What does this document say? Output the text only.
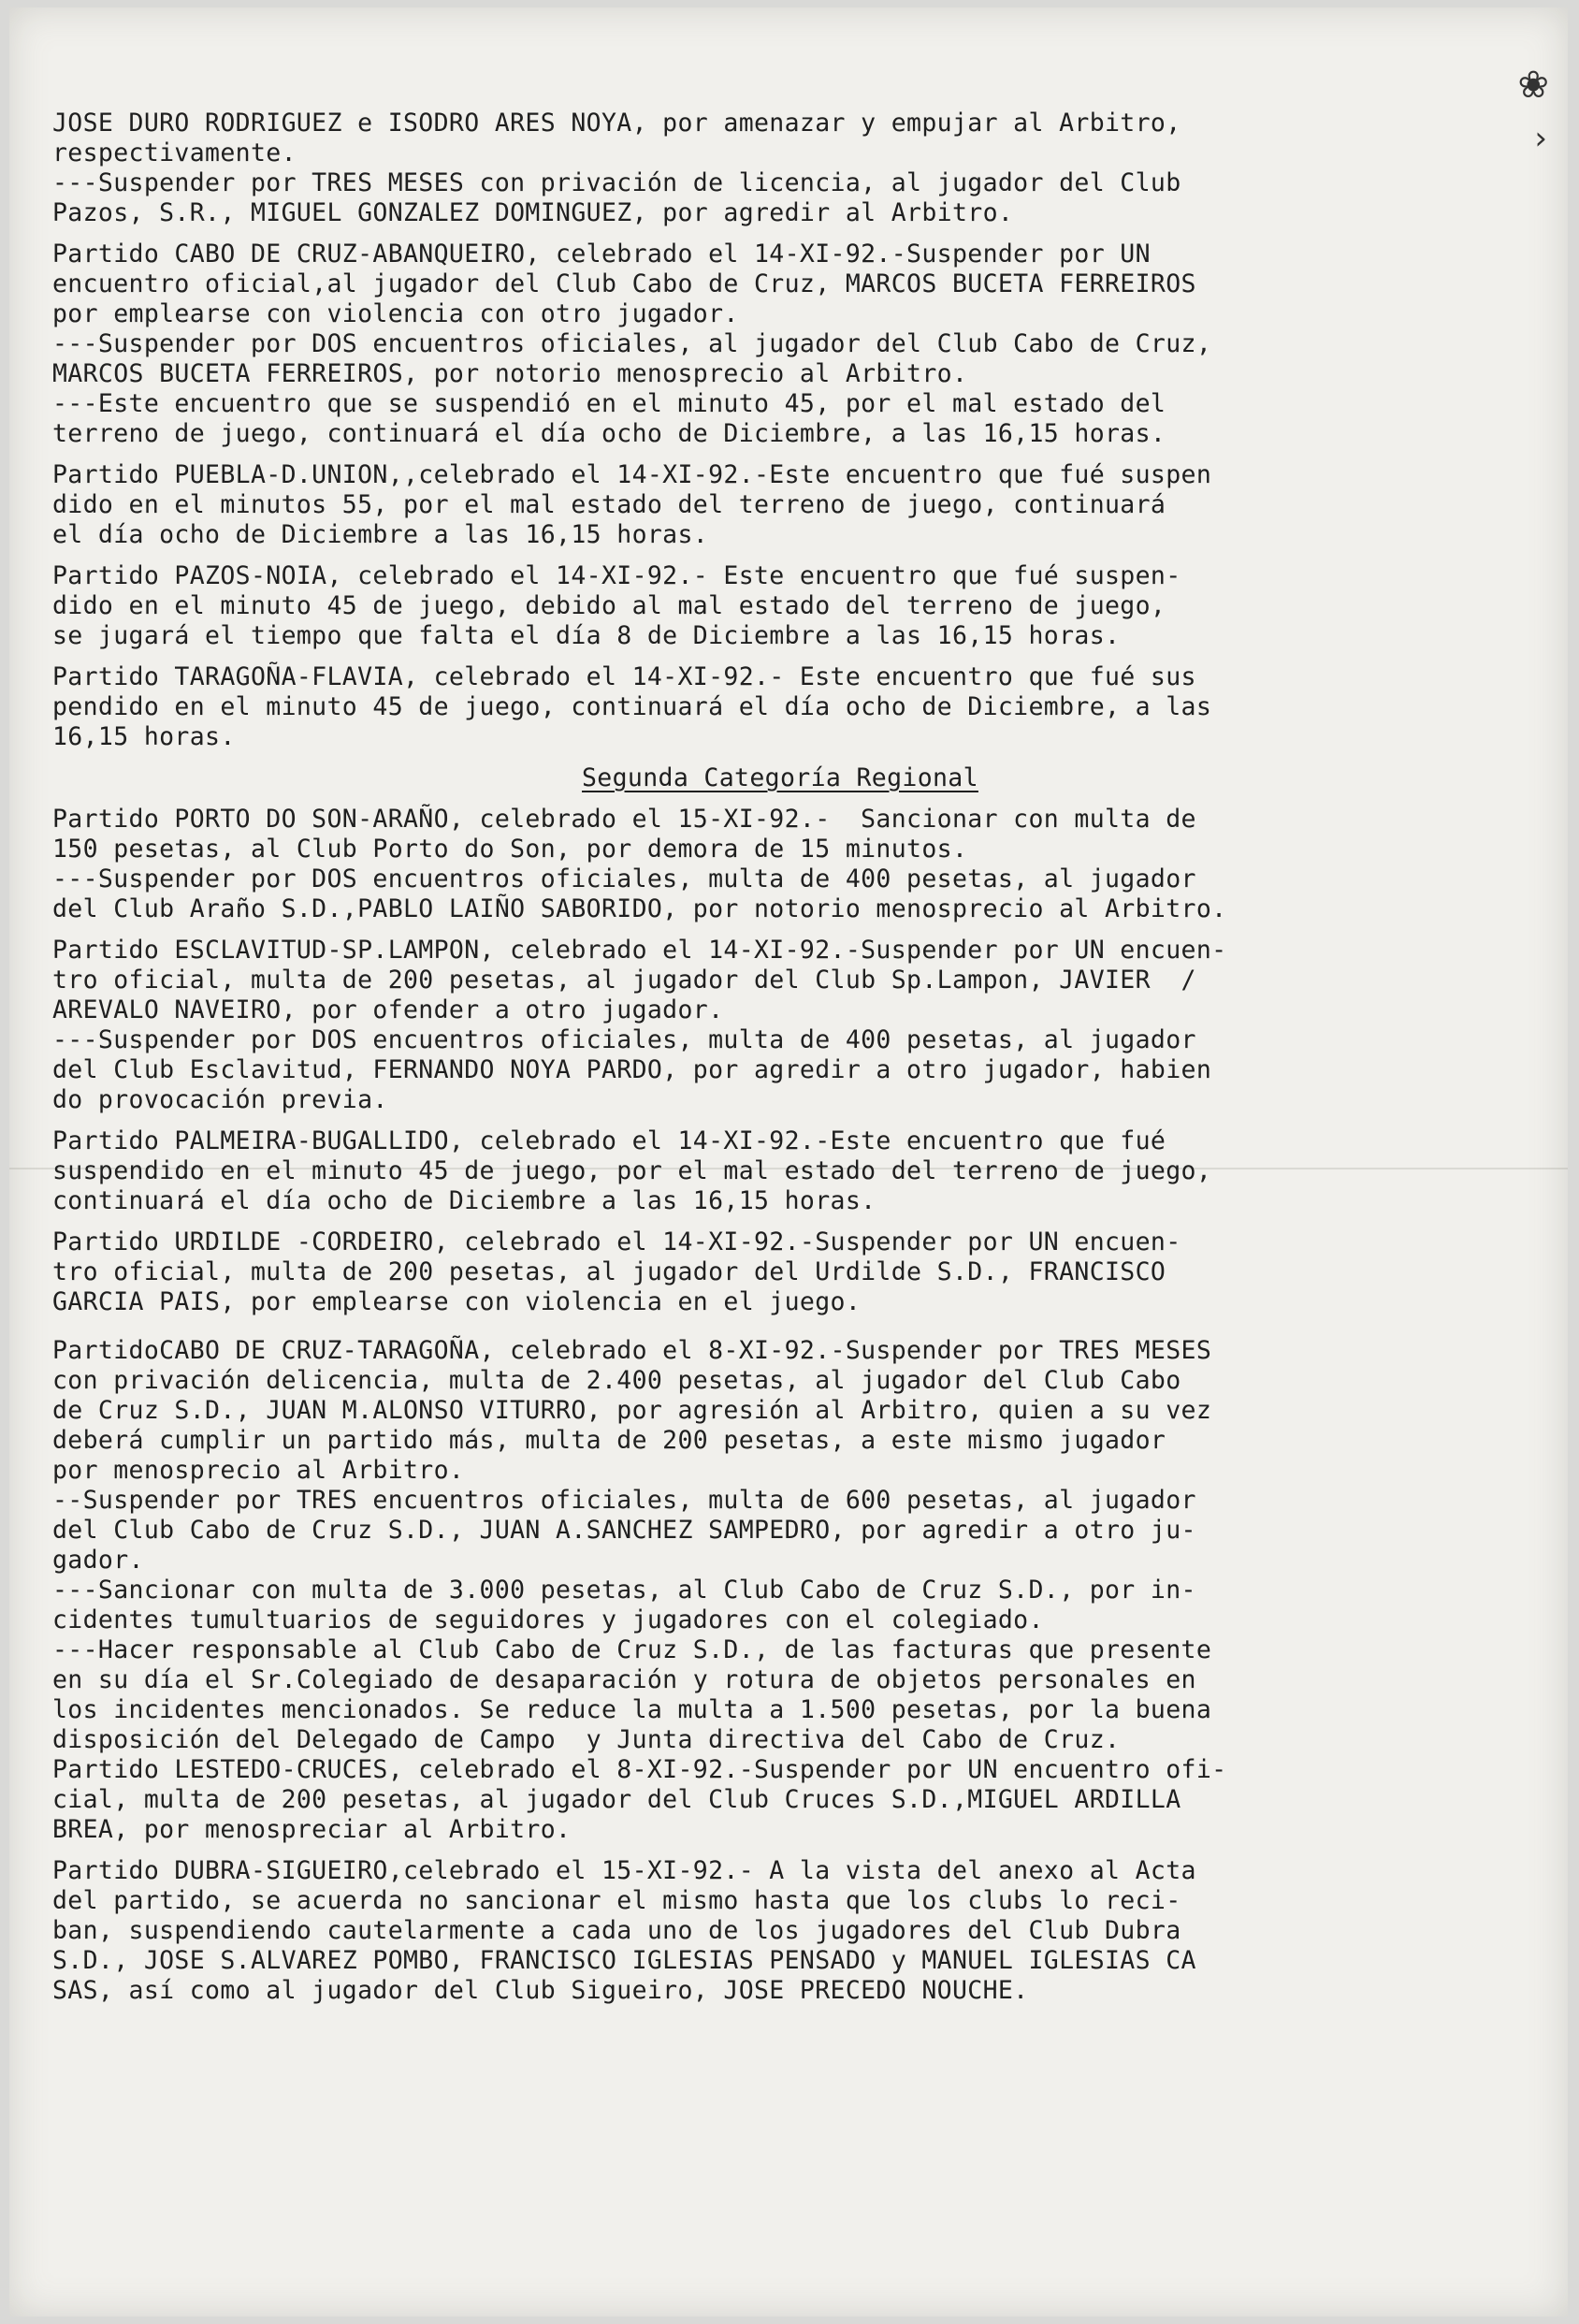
❀
›
JOSE DURO RODRIGUEZ e ISODRO ARES NOYA, por amenazar y empujar al Arbitro,
respectivamente.
---Suspender por TRES MESES con privación de licencia, al jugador del Club
Pazos, S.R., MIGUEL GONZALEZ DOMINGUEZ, por agredir al Arbitro.
Partido CABO DE CRUZ-ABANQUEIRO, celebrado el 14-XI-92.-Suspender por UN
encuentro oficial,al jugador del Club Cabo de Cruz, MARCOS BUCETA FERREIROS
por emplearse con violencia con otro jugador.
---Suspender por DOS encuentros oficiales, al jugador del Club Cabo de Cruz,
MARCOS BUCETA FERREIROS, por notorio menosprecio al Arbitro.
---Este encuentro que se suspendió en el minuto 45, por el mal estado del
terreno de juego, continuará el día ocho de Diciembre, a las 16,15 horas.
Partido PUEBLA-D.UNION,,celebrado el 14-XI-92.-Este encuentro que fué suspen
dido en el minutos 55, por el mal estado del terreno de juego, continuará
el día ocho de Diciembre a las 16,15 horas.
Partido PAZOS-NOIA, celebrado el 14-XI-92.- Este encuentro que fué suspen-
dido en el minuto 45 de juego, debido al mal estado del terreno de juego,
se jugará el tiempo que falta el día 8 de Diciembre a las 16,15 horas.
Partido TARAGOÑA-FLAVIA, celebrado el 14-XI-92.- Este encuentro que fué sus
pendido en el minuto 45 de juego, continuará el día ocho de Diciembre, a las
16,15 horas.
Segunda Categoría Regional
Partido PORTO DO SON-ARAÑO, celebrado el 15-XI-92.-  Sancionar con multa de
150 pesetas, al Club Porto do Son, por demora de 15 minutos.
---Suspender por DOS encuentros oficiales, multa de 400 pesetas, al jugador
del Club Araño S.D.,PABLO LAIÑO SABORIDO, por notorio menosprecio al Arbitro.
Partido ESCLAVITUD-SP.LAMPON, celebrado el 14-XI-92.-Suspender por UN encuen-
tro oficial, multa de 200 pesetas, al jugador del Club Sp.Lampon, JAVIER  /
AREVALO NAVEIRO, por ofender a otro jugador.
---Suspender por DOS encuentros oficiales, multa de 400 pesetas, al jugador
del Club Esclavitud, FERNANDO NOYA PARDO, por agredir a otro jugador, habien
do provocación previa.
Partido PALMEIRA-BUGALLIDO, celebrado el 14-XI-92.-Este encuentro que fué
suspendido en el minuto 45 de juego, por el mal estado del terreno de juego,
continuará el día ocho de Diciembre a las 16,15 horas.
Partido URDILDE -CORDEIRO, celebrado el 14-XI-92.-Suspender por UN encuen-
tro oficial, multa de 200 pesetas, al jugador del Urdilde S.D., FRANCISCO
GARCIA PAIS, por emplearse con violencia en el juego.
PartidoCABO DE CRUZ-TARAGOÑA, celebrado el 8-XI-92.-Suspender por TRES MESES
con privación delicencia, multa de 2.400 pesetas, al jugador del Club Cabo
de Cruz S.D., JUAN M.ALONSO VITURRO, por agresión al Arbitro, quien a su vez
deberá cumplir un partido más, multa de 200 pesetas, a este mismo jugador
por menosprecio al Arbitro.
--Suspender por TRES encuentros oficiales, multa de 600 pesetas, al jugador
del Club Cabo de Cruz S.D., JUAN A.SANCHEZ SAMPEDRO, por agredir a otro ju-
gador.
---Sancionar con multa de 3.000 pesetas, al Club Cabo de Cruz S.D., por in-
cidentes tumultuarios de seguidores y jugadores con el colegiado.
---Hacer responsable al Club Cabo de Cruz S.D., de las facturas que presente
en su día el Sr.Colegiado de desaparación y rotura de objetos personales en
los incidentes mencionados. Se reduce la multa a 1.500 pesetas, por la buena
disposición del Delegado de Campo  y Junta directiva del Cabo de Cruz.
Partido LESTEDO-CRUCES, celebrado el 8-XI-92.-Suspender por UN encuentro ofi-
cial, multa de 200 pesetas, al jugador del Club Cruces S.D.,MIGUEL ARDILLA
BREA, por menospreciar al Arbitro.
Partido DUBRA-SIGUEIRO,celebrado el 15-XI-92.- A la vista del anexo al Acta
del partido, se acuerda no sancionar el mismo hasta que los clubs lo reci-
ban, suspendiendo cautelarmente a cada uno de los jugadores del Club Dubra
S.D., JOSE S.ALVAREZ POMBO, FRANCISCO IGLESIAS PENSADO y MANUEL IGLESIAS CA
SAS, así como al jugador del Club Sigueiro, JOSE PRECEDO NOUCHE.
